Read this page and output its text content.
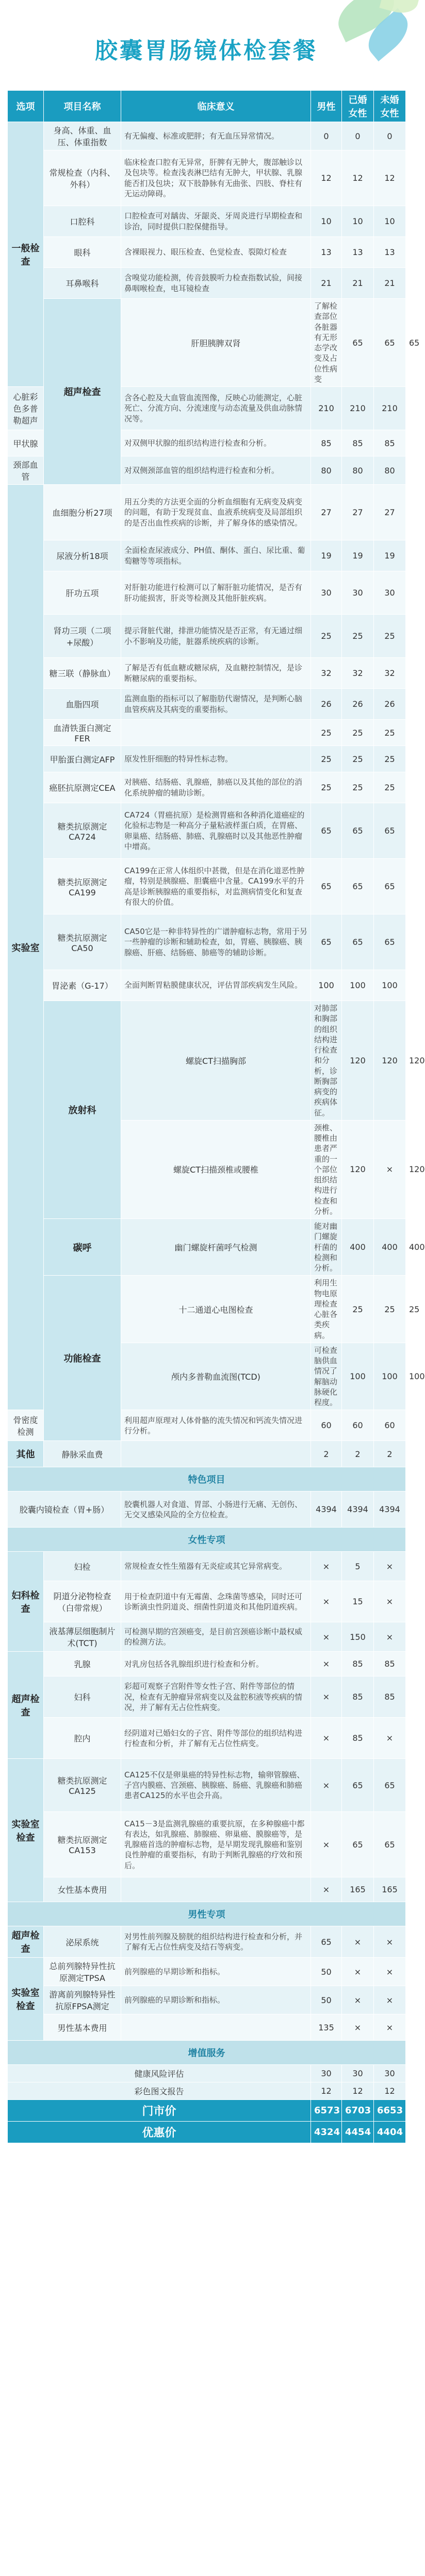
胶囊胃肠镜体检套餐
选项	项目名称	临床意义	男性	已婚女性	未婚女性	
一般检查	身高、体重、血压、体重指数	有无偏瘦、标准或肥胖；有无血压异常情况。	0	0	0	
	常规检查（内科、外科）	临床检查口腔有无异常，肝脾有无肿大，腹部触诊以及包块等。检查浅表淋巴结有无肿大，甲状腺、乳腺能否扪及包块；双下肢静脉有无曲张、四肢、脊柱有无运动障碍。	12	12	12	
	口腔科	口腔检查可对龋齿、牙龈炎、牙周炎进行早期检查和诊治，同时提供口腔保健指导。	10	10	10	
	眼科	含裸眼视力、眼压检查、色觉检查、裂隙灯检查	13	13	13	
	耳鼻喉科	含嗅觉功能检测，传音鼓膜听力检查指数试验，间接鼻咽喉检查，电耳镜检查	21	21	21	
	超声检查	肝胆胰脾双肾	了解检查部位各脏器有无形态学改变及占位性病变	65	65	65
心脏彩色多普勒超声		含各心腔及大血管血流图像，反映心功能测定，心脏死亡、分流方向、分流速度与动态流量及供血动脉情况等。	210	210	210	
甲状腺		对双侧甲状腺的组织结构进行检查和分析。	85	85	85	
颈部血管		对双侧颈部血管的组织结构进行检查和分析。	80	80	80	
实验室	血细胞分析27项	用五分类的方法更全面的分析血细胞有无病变及病变的问题，有助于发现贫血、血液系统病变及局部组织的是否出血性疾病的诊断，并了解身体的感染情况。	27	27	27	
	尿液分析18项	全面检查尿液成分、PH值、酮体、蛋白、尿比重、葡萄糖等等项指标。	19	19	19	
	肝功五项	对肝脏功能进行检测可以了解肝脏功能情况，是否有肝功能损害，肝炎等检测及其他肝脏疾病。	30	30	30	
	肾功三项（二项+尿酸）	提示肾脏代谢，排泄功能情况是否正常，有无通过细小不影响及功能，脏器系统疾病的诊断。	25	25	25	
	糖三联（静脉血）	了解是否有低血糖或糖尿病，及血糖控制情况，是诊断糖尿病的重要指标。	32	32	32	
	血脂四项	监测血脂的指标可以了解脂肪代谢情况，是判断心脑血管疾病及其病变的重要指标。	26	26	26	
	血清铁蛋白测定FER		25	25	25	
	甲胎蛋白测定AFP	原发性肝细胞的特异性标志物。	25	25	25	
	癌胚抗原测定CEA	对胰癌、结肠癌、乳腺癌，肺癌以及其他的部位的消化系统肿瘤的辅助诊断。	25	25	25	
	糖类抗原测定CA724	CA724（胃癌抗原）是检测胃癌和各种消化道癌症的化验标志物是一种高分子量粘液样蛋白质，在胃癌、卵巢癌、结肠癌、肺癌、乳腺癌时以及其他恶性肿瘤中增高。	65	65	65	
	糖类抗原测定CA199	CA199在正常人体组织中甚微，但是在消化道恶性肿瘤，特别是胰腺癌、胆囊癌中含量。CA199水平的升高是诊断胰腺癌的重要指标，对监测病情变化和复查有很大的价值。	65	65	65	
	糖类抗原测定CA50	CA50它是一种非特异性的广谱肿瘤标志物，常用于另一些肿瘤的诊断和辅助检查，如，胃癌、胰腺癌、胰腺癌、肝癌、结肠癌、肺癌等的辅助诊断。	65	65	65	
	胃泌素（G-17）	全面判断胃粘膜健康状况，评估胃部疾病发生风险。	100	100	100	
	放射科	螺旋CT扫描胸部	对肺部和胸部的组织结构进行检查和分析，诊断胸部病变的疾病体征。	120	120	120
		螺旋CT扫描颈椎或腰椎	颈椎、腰椎由患者严重的一个部位组织结构进行检查和分析。	120	×	120
	碳呼	幽门螺旋杆菌呼气检测	能对幽门螺旋杆菌的检测和分析。	400	400	400
	功能检查	十二通道心电图检查	利用生物电原理检查心脏各类疾病。	25	25	25
		颅内多普勒血流图(TCD)	可检查脑供血情况了解脑动脉硬化程度。	100	100	100
骨密度检测		利用超声原理对人体骨骼的流失情况和钙流失情况进行分析。	60	60	60	
其他	静脉采血费		2	2	2	
特色项目						
胶囊内镜检查（胃+肠）		胶囊机器人对食道、胃部、小肠进行无痛、无创伤、无交叉感染风险的全方位检查。	4394	4394	4394	
女性专项						
妇科检查	妇检	常规检查女性生殖器有无炎症或其它异常病变。	×	5	×	
	阴道分泌物检查（白带常规）	用于检查阴道中有无霉菌、念珠菌等感染，同时还可诊断滴虫性阴道炎、细菌性阴道炎和其他阴道疾病。	×	15	×	
	液基薄层细胞制片术(TCT)	可检测早期的宫颈癌变，是目前宫颈癌诊断中最权威的检测方法。	×	150	×	
超声检查	乳腺	对乳房包括各乳腺组织进行检查和分析。	×	85	85	
	妇科	彩超可观察子宫附件等女性子宫、附件等部位的情况，检查有无肿瘤异常病变以及盆腔积液等疾病的情况，并了解有无占位性病变。	×	85	85	
	腔内	经阴道对已婚妇女的子宫、附件等部位的组织结构进行检查和分析，并了解有无占位性病变。	×	85	×	
实验室检查	糖类抗原测定CA125	CA125不仅是卵巢癌的特异性标志物，输卵管腺癌、子宫内膜癌、宫颈癌、胰腺癌、肠癌、乳腺癌和肺癌患者CA125的水平也会升高。	×	65	65	
	糖类抗原测定CA153	CA15－3是监测乳腺癌的重要抗原，在多种腺癌中都有表达，如乳腺癌、肺腺癌、卵巢癌、膜腺癌等，是乳腺癌首选的肿瘤标志物，是早期发现乳腺癌和鉴别良性肿瘤的重要指标，有助于判断乳腺癌的疗效和预后。	×	65	65	
	女性基本费用		×	165	165	
男性专项						
超声检查	泌尿系统	对男性前列腺及膀胱的组织结构进行检查和分析，并了解有无占位性病变及结石等病变。	65	×	×	
实验室检查	总前列腺特异性抗原测定TPSA	前列腺癌的早期诊断和指标。	50	×	×	
	游离前列腺特异性抗原FPSA测定	前列腺癌的早期诊断和指标。	50	×	×	
	男性基本费用		135	×	×	
增值服务						
健康风险评估			30	30	30	
彩色图文报告			12	12	12	
门市价			6573	6703	6653	
优惠价			4324	4454	4404	
